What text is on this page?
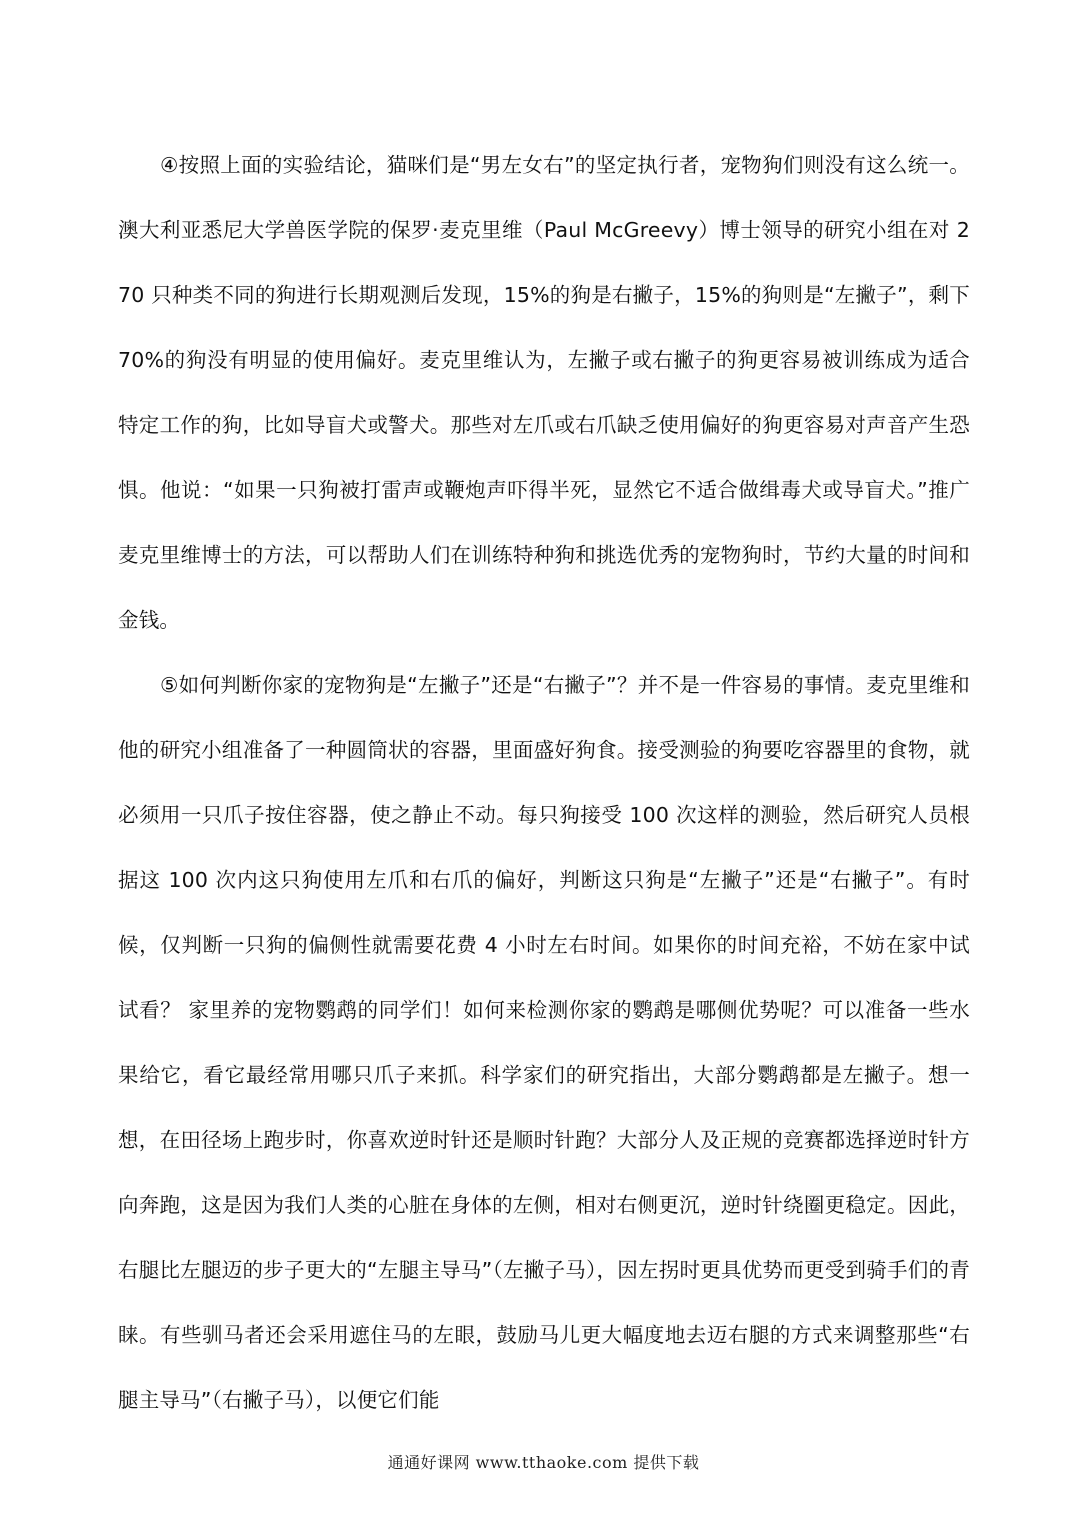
④按照上面的实验结论，猫咪们是“男左女右”的坚定执行者，宠物狗们则没有这么统一。澳大利亚悉尼大学兽医学院的保罗·麦克里维（Paul McGreevy）博士领导的研究小组在对 270 只种类不同的狗进行长期观测后发现，15%的狗是右撇子，15%的狗则是“左撇子”，剩下 70%的狗没有明显的使用偏好。麦克里维认为，左撇子或右撇子的狗更容易被训练成为适合特定工作的狗，比如导盲犬或警犬。那些对左爪或右爪缺乏使用偏好的狗更容易对声音产生恐惧。他说：“如果一只狗被打雷声或鞭炮声吓得半死，显然它不适合做缉毒犬或导盲犬。”推广麦克里维博士的方法，可以帮助人们在训练特种狗和挑选优秀的宠物狗时，节约大量的时间和金钱。

⑤如何判断你家的宠物狗是“左撇子”还是“右撇子”？并不是一件容易的事情。麦克里维和他的研究小组准备了一种圆筒状的容器，里面盛好狗食。接受测验的狗要吃容器里的食物，就必须用一只爪子按住容器，使之静止不动。每只狗接受 100 次这样的测验，然后研究人员根据这 100 次内这只狗使用左爪和右爪的偏好，判断这只狗是“左撇子”还是“右撇子”。有时候，仅判断一只狗的偏侧性就需要花费 4 小时左右时间。如果你的时间充裕，不妨在家中试试看？ 家里养的宠物鹦鹉的同学们！如何来检测你家的鹦鹉是哪侧优势呢？可以准备一些水果给它，看它最经常用哪只爪子来抓。科学家们的研究指出，大部分鹦鹉都是左撇子。想一想，在田径场上跑步时，你喜欢逆时针还是顺时针跑？大部分人及正规的竞赛都选择逆时针方向奔跑，这是因为我们人类的心脏在身体的左侧，相对右侧更沉，逆时针绕圈更稳定。因此，右腿比左腿迈的步子更大的“左腿主导马”（左撇子马），因左拐时更具优势而更受到骑手们的青睐。有些驯马者还会采用遮住马的左眼，鼓励马儿更大幅度地去迈右腿的方式来调整那些“右腿主导马”（右撇子马），以便它们能

通通好课网 www.tthaoke.com 提供下载
